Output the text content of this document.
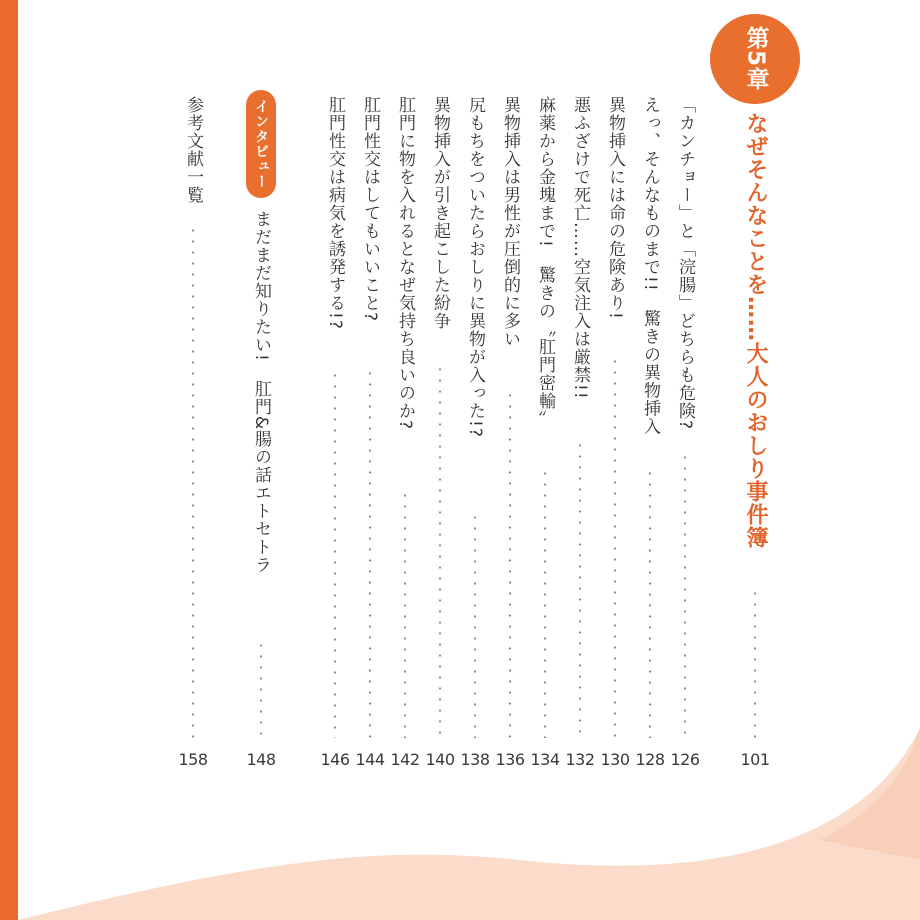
第5章
なぜそんなことを……大人のおしり事件簿
101
「カンチョー」と「浣腸」どちらも危険?
126
えっ、そんなものまで!!　驚きの異物挿入
128
異物挿入には命の危険あり!
130
悪ふざけで死亡……空気注入は厳禁!!
132
麻薬から金塊まで!　驚きの〝肛門密輸〟
134
異物挿入は男性が圧倒的に多い
136
尻もちをついたらおしりに異物が入った!?
138
異物挿入が引き起こした紛争
140
肛門に物を入れるとなぜ気持ち良いのか?
142
肛門性交はしてもいいこと?
144
肛門性交は病気を誘発する!?
146
インタビュー
まだまだ知りたい!　肛門&腸の話エトセトラ
148
参考文献一覧
158
